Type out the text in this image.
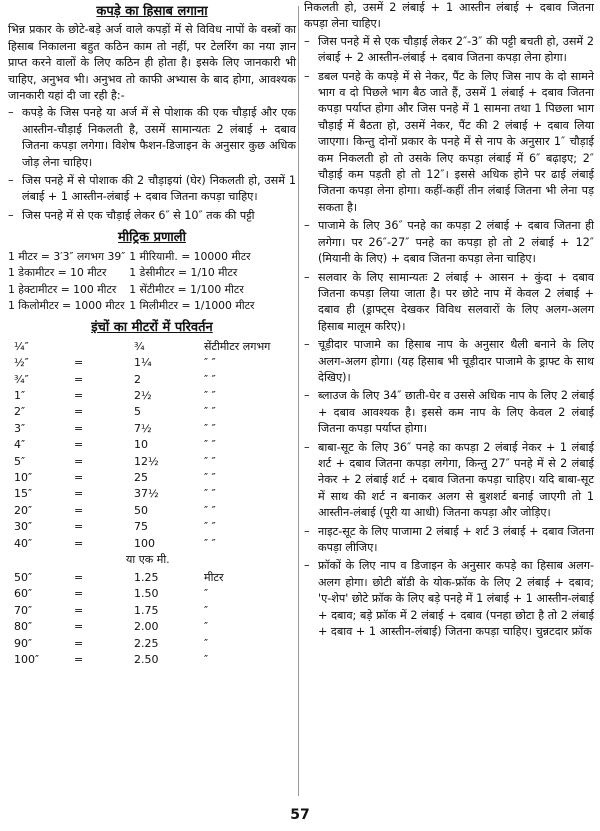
कपड़े का हिसाब लगाना

भिन्न प्रकार के छोटे-बड़े अर्ज वाले कपड़ों में से विविध नापों के वस्त्रों का हिसाब निकालना बहुत कठिन काम तो नहीं, पर टेलरिंग का नया ज्ञान प्राप्त करने वालों के लिए कठिन ही होता है। इसके लिए जानकारी भी चाहिए, अनुभव भी। अनुभव तो काफी अभ्यास के बाद होगा, आवश्यक जानकारी यहां दी जा रही है:-

– कपड़े के जिस पनहे या अर्ज में से पोशाक की एक चौड़ाई और एक आस्तीन-चौड़ाई निकलती है, उसमें सामान्यतः 2 लंबाई + दबाव जितना कपड़ा लगेगा। विशेष फैशन-डिजाइन के अनुसार कुछ अधिक जोड़ लेना चाहिए।
– जिस पनहे में से पोशाक की 2 चौड़ाइयां (घेर) निकलती हो, उसमें 1 लंबाई + 1 आस्तीन-लंबाई + दबाव जितना कपड़ा चाहिए।
– जिस पनहे में से एक चौड़ाई लेकर 6″ से 10″ तक की पट्टी
मीट्रिक प्रणाली
1 मीटर = 3′3″ लगभग 39″	1 मीरियामी. = 10000 मीटर
1 डेकामीटर = 10 मीटर	1 डेसीमीटर = 1/10 मीटर
1 हेक्टामीटर = 100 मीटर	1 सेंटीमीटर = 1/100 मीटर
1 किलोमीटर = 1000 मीटर	1 मिलीमीटर = 1/1000 मीटर
इंचों का मीटरों में परिवर्तन
¼″		¾	सेंटीमीटर लगभग
½″	=	1¼	″ ″
¾″	=	2	″ ″
1″	=	2½	″ ″
2″	=	5	″ ″
3″	=	7½	″ ″
4″	=	10	″ ″
5″	=	12½	″ ″
10″	=	25	″ ″
15″	=	37½	″ ″
20″	=	50	″ ″
30″	=	75	″ ″
40″	=	100	″ ″
या एक मी.
50″	=	1.25	मीटर
60″	=	1.50	″
70″	=	1.75	″
80″	=	2.00	″
90″	=	2.25	″
100″	=	2.50	″

निकलती हो, उसमें 2 लंबाई + 1 आस्तीन लंबाई + दबाव जितना कपड़ा लेना चाहिए।

– जिस पनहे में से एक चौड़ाई लेकर 2″-3″ की पट्टी बचती हो, उसमें 2 लंबाई + 2 आस्तीन-लंबाई + दबाव जितना कपड़ा लेना होगा।
– डबल पनहे के कपड़े में से नेकर, पैंट के लिए जिस नाप के दो सामने भाग व दो पिछले भाग बैठ जाते हैं, उसमें 1 लंबाई + दबाव जितना कपड़ा पर्याप्त होगा और जिस पनहे में 1 सामना तथा 1 पिछला भाग चौड़ाई में बैठता हो, उसमें नेकर, पैंट की 2 लंबाई + दबाव लिया जाएगा। किन्तु दोनों प्रकार के पनहे में से नाप के अनुसार 1″ चौड़ाई कम निकलती हो तो उसके लिए कपड़ा लंबाई में 6″ बढ़ाइए; 2″ चौड़ाई कम पड़ती हो तो 12″। इससे अधिक होने पर ढाई लंबाई जितना कपड़ा लेना होगा। कहीं-कहीं तीन लंबाई जितना भी लेना पड़ सकता है।
– पाजामे के लिए 36″ पनहे का कपड़ा 2 लंबाई + दबाव जितना ही लगेगा। पर 26″-27″ पनहे का कपड़ा हो तो 2 लंबाई + 12″ (मियानी के लिए) + दबाव जितना कपड़ा लेना चाहिए।
– सलवार के लिए सामान्यतः 2 लंबाई + आसन + कुंदा + दबाव जितना कपड़ा लिया जाता है। पर छोटे नाप में केवल 2 लंबाई + दबाव ही (ड्राफ्ट्स देखकर विविध सलवारों के लिए अलग-अलग हिसाब मालूम करिए)।
– चूड़ीदार पाजामे का हिसाब नाप के अनुसार थैली बनाने के लिए अलग-अलग होगा। (यह हिसाब भी चूड़ीदार पाजामे के ड्राफ्ट के साथ देखिए)।
– ब्लाउज के लिए 34″ छाती-घेर व उससे अधिक नाप के लिए 2 लंबाई + दबाव आवश्यक है। इससे कम नाप के लिए केवल 2 लंबाई जितना कपड़ा पर्याप्त होगा।
– बाबा-सूट के लिए 36″ पनहे का कपड़ा 2 लंबाई नेकर + 1 लंबाई शर्ट + दबाव जितना कपड़ा लगेगा, किन्तु 27″ पनहे में से 2 लंबाई नेकर + 2 लंबाई शर्ट + दबाव जितना कपड़ा चाहिए। यदि बाबा-सूट में साथ की शर्ट न बनाकर अलग से बुशशर्ट बनाई जाएगी तो 1 आस्तीन-लंबाई (पूरी या आधी) जितना कपड़ा और जोड़िए।
– नाइट-सूट के लिए पाजामा 2 लंबाई + शर्ट 3 लंबाई + दबाव जितना कपड़ा लीजिए।
– फ्रॉकों के लिए नाप व डिजाइन के अनुसार कपड़े का हिसाब अलग-अलग होगा। छोटी बॉडी के योक-फ्रॉक के लिए 2 लंबाई + दबाव; 'ए-शेप' छोटे फ्रॉक के लिए बड़े पनहे में 1 लंबाई + 1 आस्तीन-लंबाई + दबाव; बड़े फ्रॉक में 2 लंबाई + दबाव (पनहा छोटा है तो 2 लंबाई + दबाव + 1 आस्तीन-लंबाई) जितना कपड़ा चाहिए। चुन्नटदार फ्रॉक
57
